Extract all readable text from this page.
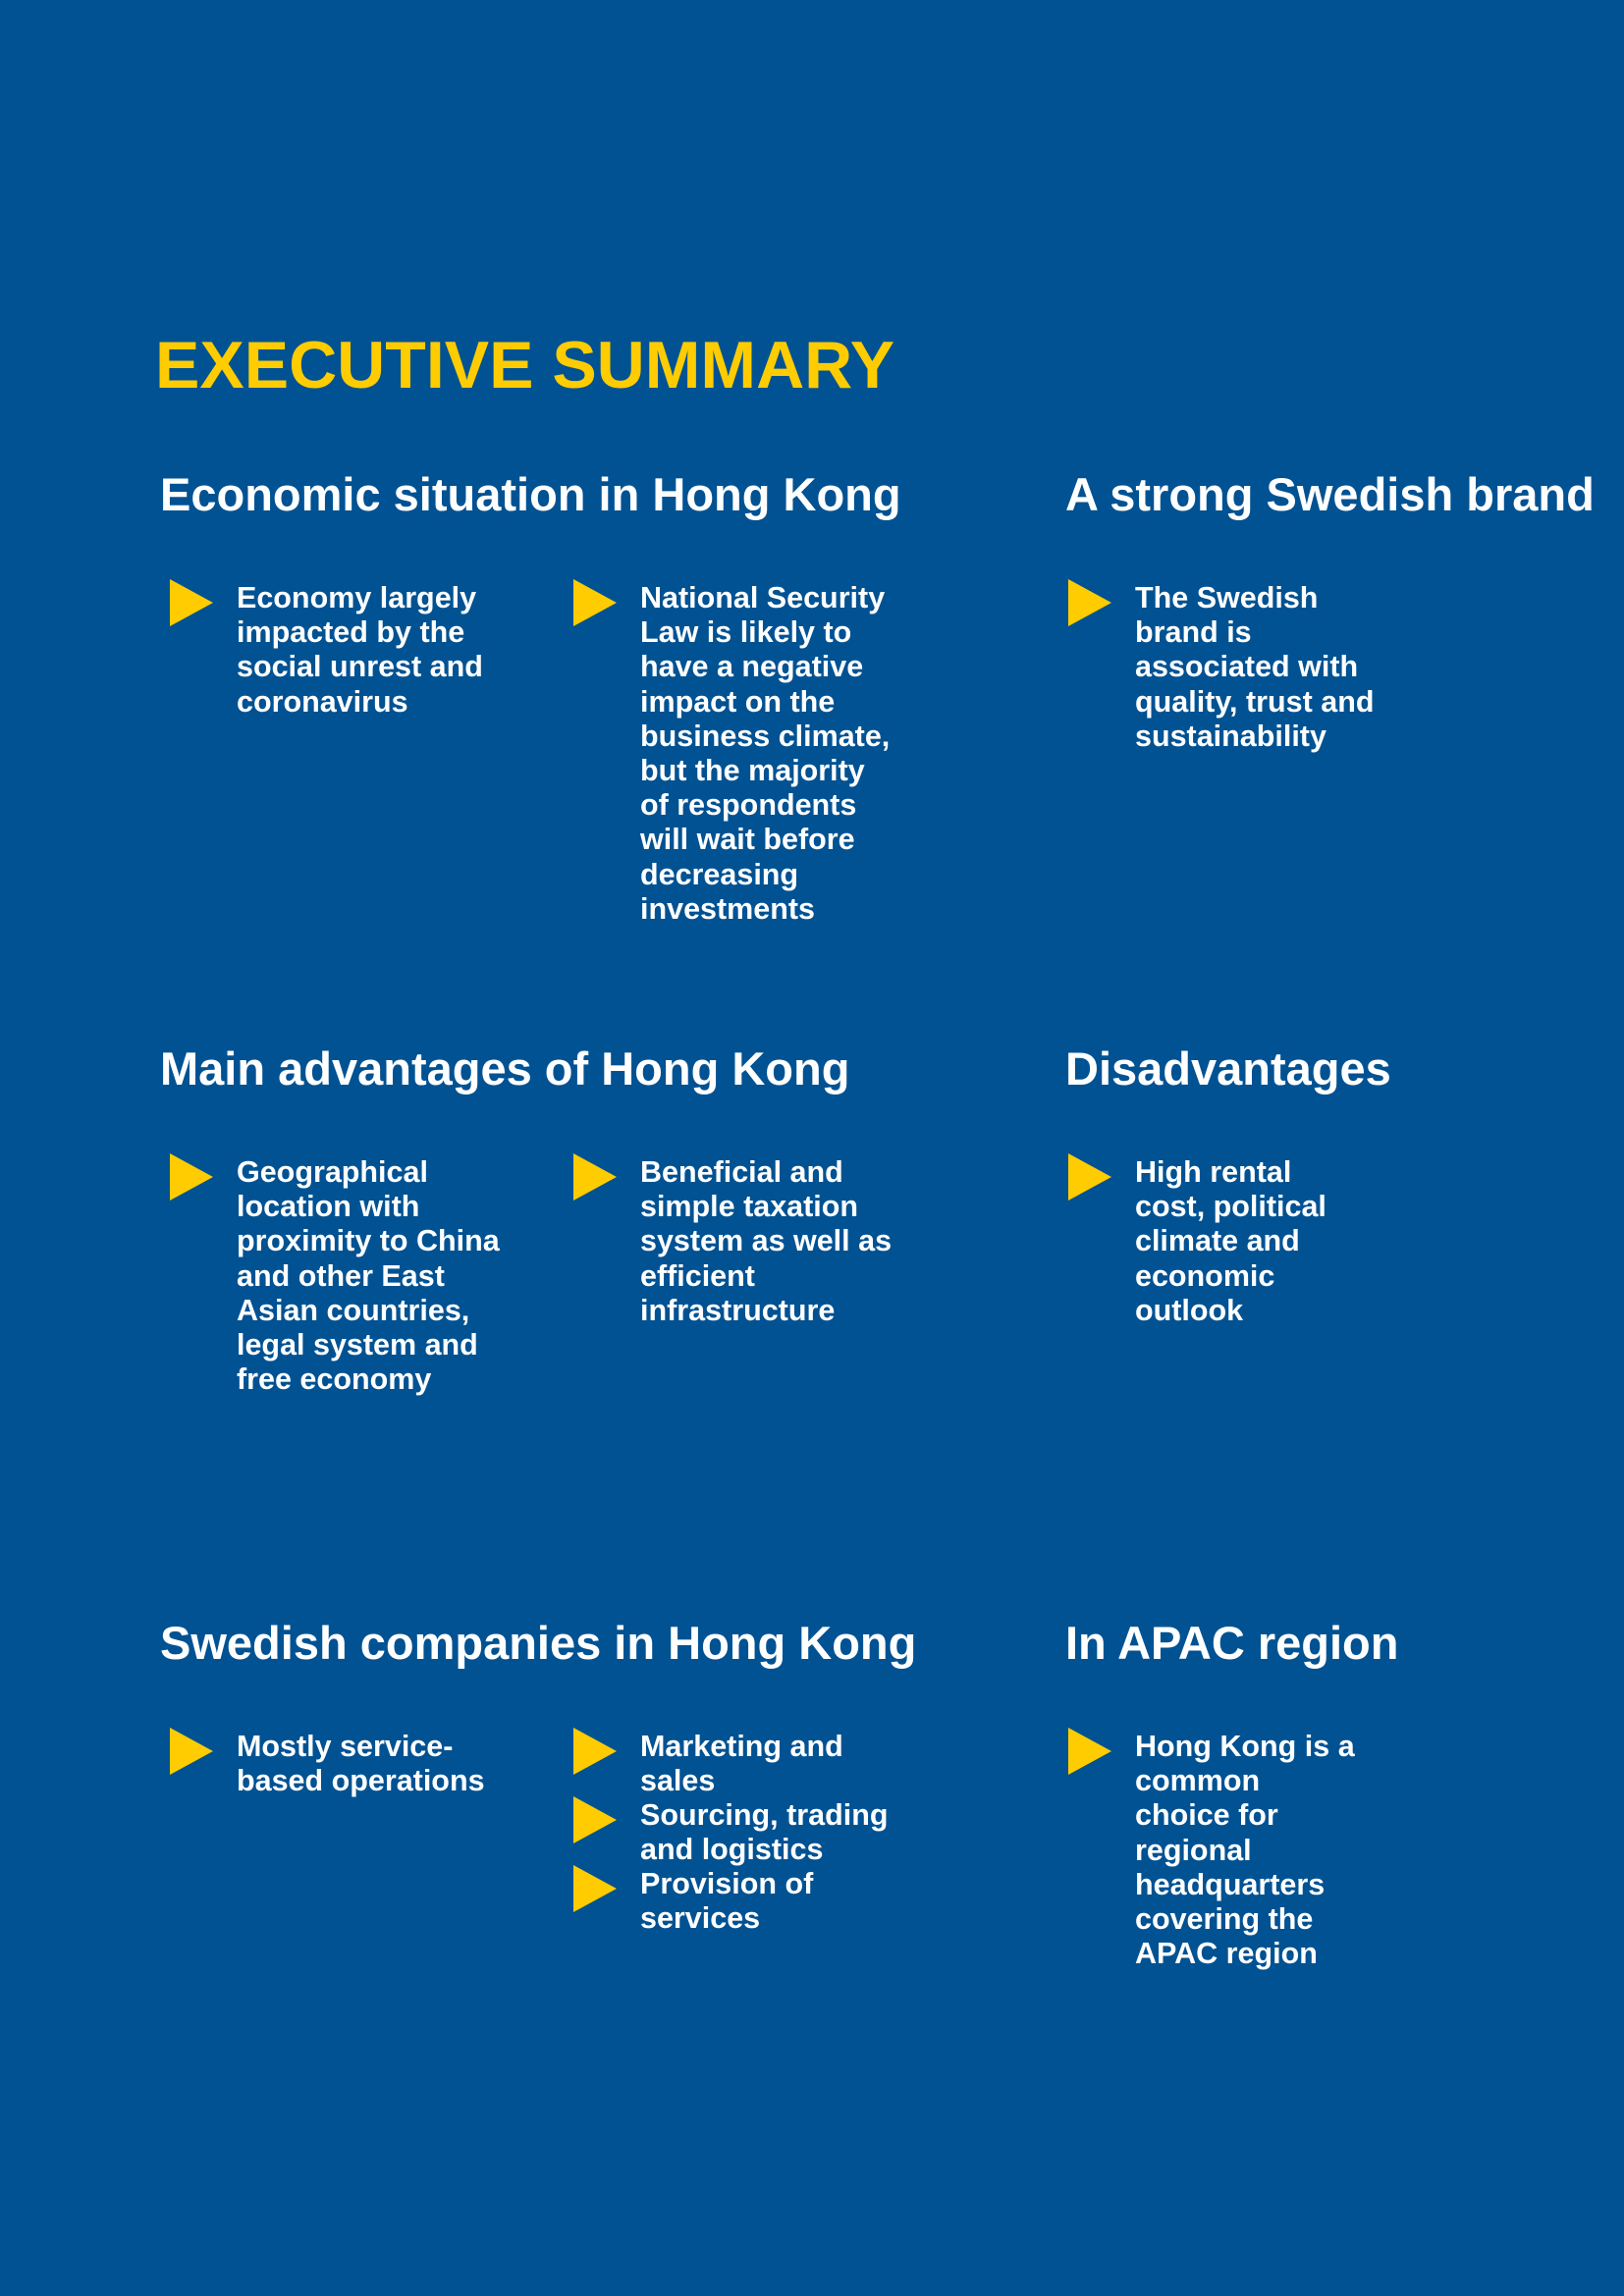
EXECUTIVE SUMMARY
Economic situation in Hong Kong
Economy largely
impacted by the
social unrest and
coronavirus
National Security
Law is likely to
have a negative
impact on the
business climate,
but the majority
of respondents
will wait before
decreasing
investments
A strong Swedish brand
The Swedish
brand is
associated with
quality, trust and
sustainability
Main advantages of Hong Kong
Geographical
location with
proximity to China
and other East
Asian countries,
legal system and
free economy
Beneficial and
simple taxation
system as well as
efficient
infrastructure
Disadvantages
High rental
cost, political
climate and
economic
outlook
Swedish companies in Hong Kong
Mostly service-
based operations
Marketing and
sales
Sourcing, trading
and logistics
Provision of
services
In APAC region
Hong Kong is a
common
choice for
regional
headquarters
covering the
APAC region
